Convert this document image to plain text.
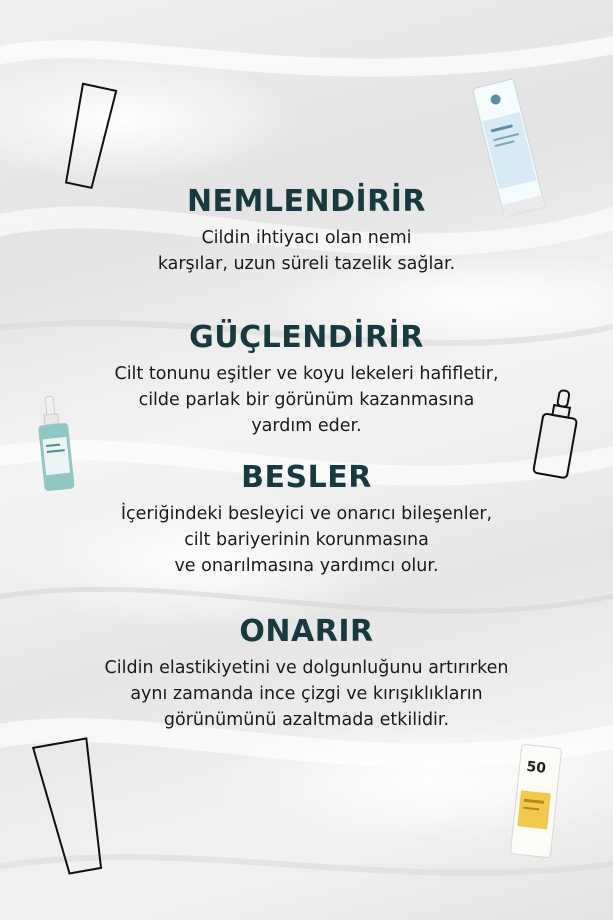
50
NEMLENDİRİR
Cildin ihtiyacı olan nemi
karşılar, uzun süreli tazelik sağlar.
GÜÇLENDİRİR
Cilt tonunu eşitler ve koyu lekeleri hafifletir,
cilde parlak bir görünüm kazanmasına
yardım eder.
BESLER
İçeriğindeki besleyici ve onarıcı bileşenler,
cilt bariyerinin korunmasına
ve onarılmasına yardımcı olur.
ONARIR
Cildin elastikiyetini ve dolgunluğunu artırırken
aynı zamanda ince çizgi ve kırışıklıkların
görünümünü azaltmada etkilidir.
